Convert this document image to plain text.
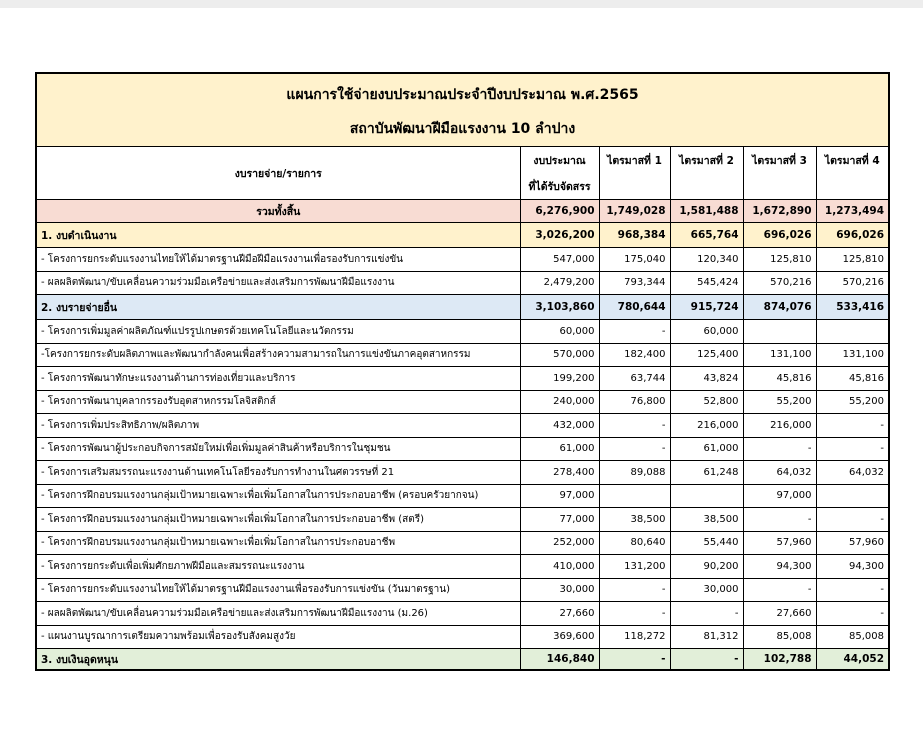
แผนการใช้จ่ายงบประมาณประจำปีงบประมาณ พ.ศ.2565					
สถาบันพัฒนาฝีมือแรงงาน 10 ลำปาง					
งบรายจ่าย/รายการ	งบประมาณ	ไตรมาสที่ 1	ไตรมาสที่ 2	ไตรมาสที่ 3	ไตรมาสที่ 4
	ที่ได้รับจัดสรร				
รวมทั้งสิ้น	6,276,900	1,749,028	1,581,488	1,672,890	1,273,494
1. งบดำเนินงาน	3,026,200	968,384	665,764	696,026	696,026
- โครงการยกระดับแรงงานไทยให้ได้มาตรฐานฝีมือฝีมือแรงงานเพื่อรองรับการแข่งขัน	547,000	175,040	120,340	125,810	125,810
- ผลผลิตพัฒนา/ขับเคลื่อนความร่วมมือเครือข่ายและส่งเสริมการพัฒนาฝีมือแรงงาน	2,479,200	793,344	545,424	570,216	570,216
2. งบรายจ่ายอื่น	3,103,860	780,644	915,724	874,076	533,416
- โครงการเพิ่มมูลค่าผลิตภัณฑ์แปรรูปเกษตรด้วยเทคโนโลยีและนวัตกรรม	60,000	-	60,000		
-โครงการยกระดับผลิตภาพและพัฒนากำลังคนเพื่อสร้างความสามารถในการแข่งขันภาคอุตสาหกรรม	570,000	182,400	125,400	131,100	131,100
- โครงการพัฒนาทักษะแรงงานด้านการท่องเที่ยวและบริการ	199,200	63,744	43,824	45,816	45,816
- โครงการพัฒนาบุคลากรรองรับอุตสาหกรรมโลจิสติกส์	240,000	76,800	52,800	55,200	55,200
- โครงการเพิ่มประสิทธิภาพ/ผลิตภาพ	432,000	-	216,000	216,000	-
- โครงการพัฒนาผู้ประกอบกิจการสมัยใหม่เพื่อเพิ่มมูลค่าสินค้าหรือบริการในชุมชน	61,000	-	61,000	-	-
- โครงการเสริมสมรรถนะแรงงานด้านเทคโนโลยีรองรับการทำงานในศตวรรษที่ 21	278,400	89,088	61,248	64,032	64,032
- โครงการฝึกอบรมแรงงานกลุ่มเป้าหมายเฉพาะเพื่อเพิ่มโอกาสในการประกอบอาชีพ (ครอบครัวยากจน)	97,000			97,000	
- โครงการฝึกอบรมแรงงานกลุ่มเป้าหมายเฉพาะเพื่อเพิ่มโอกาสในการประกอบอาชีพ (สตรี)	77,000	38,500	38,500	-	-
- โครงการฝึกอบรมแรงงานกลุ่มเป้าหมายเฉพาะเพื่อเพิ่มโอกาสในการประกอบอาชีพ	252,000	80,640	55,440	57,960	57,960
- โครงการยกระดับเพื่อเพิ่มศักยภาพฝีมือและสมรรถนะแรงงาน	410,000	131,200	90,200	94,300	94,300
- โครงการยกระดับแรงงานไทยให้ได้มาตรฐานฝีมือแรงงานเพื่อรองรับการแข่งขัน (วันมาตรฐาน)	30,000	-	30,000	-	-
- ผลผลิตพัฒนา/ขับเคลื่อนความร่วมมือเครือข่ายและส่งเสริมการพัฒนาฝีมือแรงงาน (ม.26)	27,660	-	-	27,660	-
- แผนงานบูรณาการเตรียมความพร้อมเพื่อรองรับสังคมสูงวัย	369,600	118,272	81,312	85,008	85,008
3. งบเงินอุดหนุน	146,840	-	-	102,788	44,052
